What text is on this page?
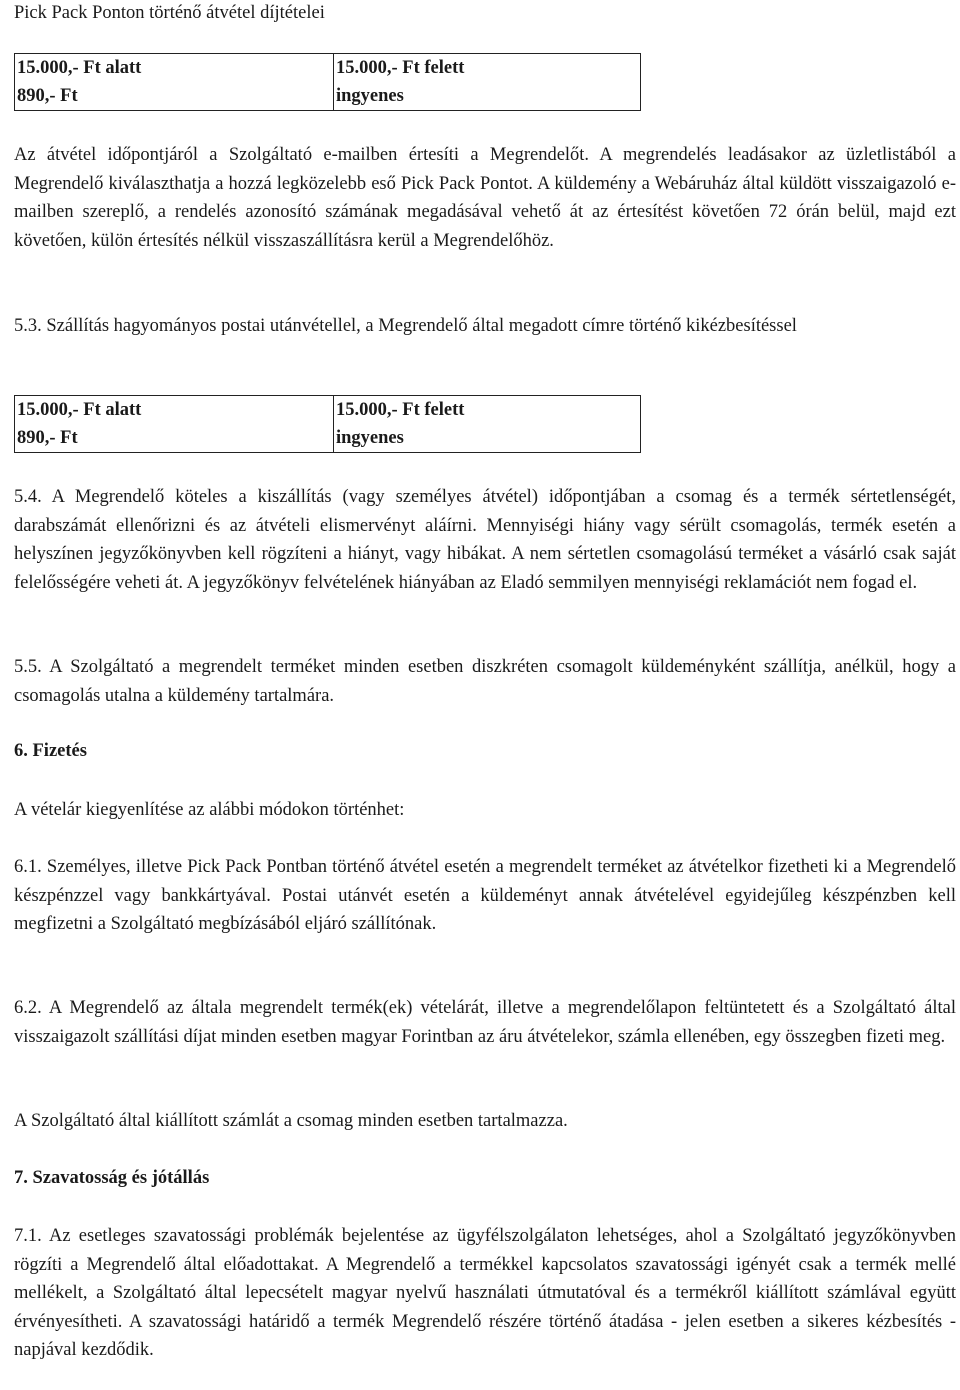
Pick Pack Ponton történő átvétel díjtételei

15.000,- Ft alatt	15.000,- Ft felett
890,- Ft	ingyenes

Az átvétel időpontjáról a Szolgáltató e-mailben értesíti a Megrendelőt. A megrendelés leadásakor az üzletlistából a Megrendelő kiválaszthatja a hozzá legközelebb eső Pick Pack Pontot. A küldemény a Webáruház által küldött visszaigazoló e-mailben szereplő, a rendelés azonosító számának megadásával vehető át az értesítést követően 72 órán belül, majd ezt követően, külön értesítés nélkül visszaszállításra kerül a Megrendelőhöz.

5.3. Szállítás hagyományos postai utánvétellel, a Megrendelő által megadott címre történő kikézbesítéssel

15.000,- Ft alatt	15.000,- Ft felett
890,- Ft	ingyenes

5.4. A Megrendelő köteles a kiszállítás (vagy személyes átvétel) időpontjában a csomag és a termék sértetlenségét, darabszámát ellenőrizni és az átvételi elismervényt aláírni. Mennyiségi hiány vagy sérült csomagolás, termék esetén a helyszínen jegyzőkönyvben kell rögzíteni a hiányt, vagy hibákat. A nem sértetlen csomagolású terméket a vásárló csak saját felelősségére veheti át. A jegyzőkönyv felvételének hiányában az Eladó semmilyen mennyiségi reklamációt nem fogad el.

5.5. A Szolgáltató a megrendelt terméket minden esetben diszkréten csomagolt küldeményként szállítja, anélkül, hogy a csomagolás utalna a küldemény tartalmára.

6. Fizetés

A vételár kiegyenlítése az alábbi módokon történhet:

6.1. Személyes, illetve Pick Pack Pontban történő átvétel esetén a megrendelt terméket az átvételkor fizetheti ki a Megrendelő készpénzzel vagy bankkártyával. Postai utánvét esetén a küldeményt annak átvételével egyidejűleg készpénzben kell megfizetni a Szolgáltató megbízásából eljáró szállítónak.

6.2. A Megrendelő az általa megrendelt termék(ek) vételárát, illetve a megrendelőlapon feltüntetett és a Szolgáltató által visszaigazolt szállítási díjat minden esetben magyar Forintban az áru átvételekor, számla ellenében, egy összegben fizeti meg.

A Szolgáltató által kiállított számlát a csomag minden esetben tartalmazza.

7. Szavatosság és jótállás

7.1. Az esetleges szavatossági problémák bejelentése az ügyfélszolgálaton lehetséges, ahol a Szolgáltató jegyzőkönyvben rögzíti a Megrendelő által előadottakat. A Megrendelő a termékkel kapcsolatos szavatossági igényét csak a termék mellé mellékelt, a Szolgáltató által lepecsételt magyar nyelvű használati útmutatóval és a termékről kiállított számlával együtt érvényesítheti. A szavatossági határidő a termék Megrendelő részére történő átadása - jelen esetben a sikeres kézbesítés - napjával kezdődik.
